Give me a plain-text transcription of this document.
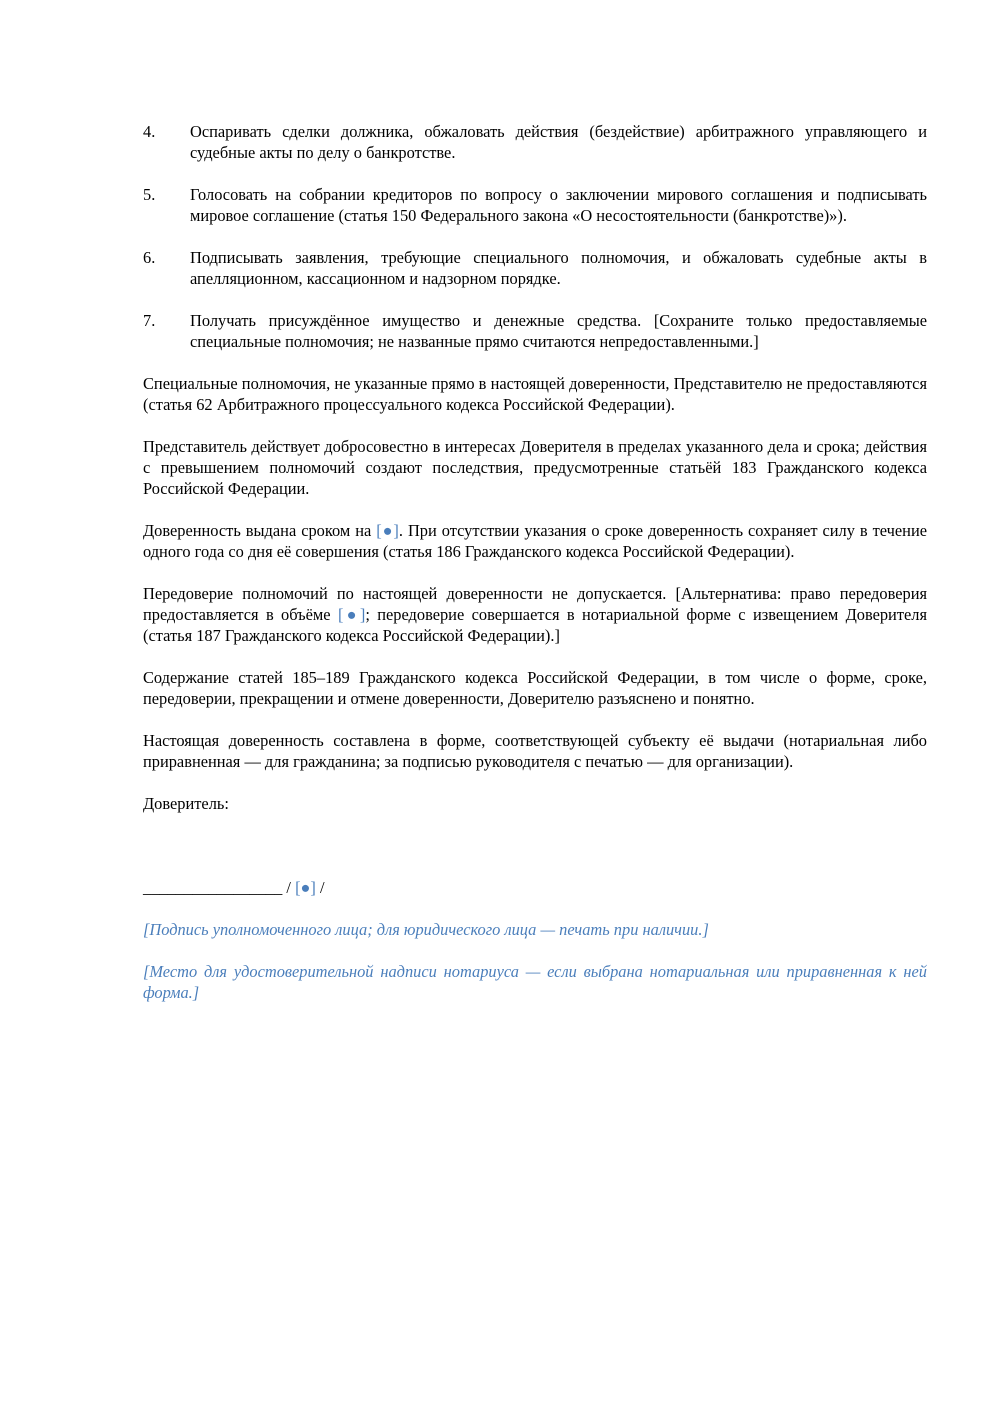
4.	Оспаривать сделки должника, обжаловать действия (бездействие) арбитражного управляющего и судебные акты по делу о банкротстве.
5.	Голосовать на собрании кредиторов по вопросу о заключении мирового соглашения и подписывать мировое соглашение (статья 150 Федерального закона «О несостоятельности (банкротстве)»).
6.	Подписывать заявления, требующие специального полномочия, и обжаловать судебные акты в апелляционном, кассационном и надзорном порядке.
7.	Получать присуждённое имущество и денежные средства. [Сохраните только предоставляемые специальные полномочия; не названные прямо считаются непредоставленными.]

Специальные полномочия, не указанные прямо в настоящей доверенности, Представителю не предоставляются (статья 62 Арбитражного процессуального кодекса Российской Федерации).

Представитель действует добросовестно в интересах Доверителя в пределах указанного дела и срока; действия с превышением полномочий создают последствия, предусмотренные статьёй 183 Гражданского кодекса Российской Федерации.

Доверенность выдана сроком на [●]. При отсутствии указания о сроке доверенность сохраняет силу в течение одного года со дня её совершения (статья 186 Гражданского кодекса Российской Федерации).

Передоверие полномочий по настоящей доверенности не допускается. [Альтернатива: право передоверия предоставляется в объёме [●]; передоверие совершается в нотариальной форме с извещением Доверителя (статья 187 Гражданского кодекса Российской Федерации).]

Содержание статей 185–189 Гражданского кодекса Российской Федерации, в том числе о форме, сроке, передоверии, прекращении и отмене доверенности, Доверителю разъяснено и понятно.

Настоящая доверенность составлена в форме, соответствующей субъекту её выдачи (нотариальная либо приравненная — для гражданина; за подписью руководителя с печатью — для организации).

Доверитель:

_________________ / [●] /

[Подпись уполномоченного лица; для юридического лица — печать при наличии.]

[Место для удостоверительной надписи нотариуса — если выбрана нотариальная или приравненная к ней форма.]
